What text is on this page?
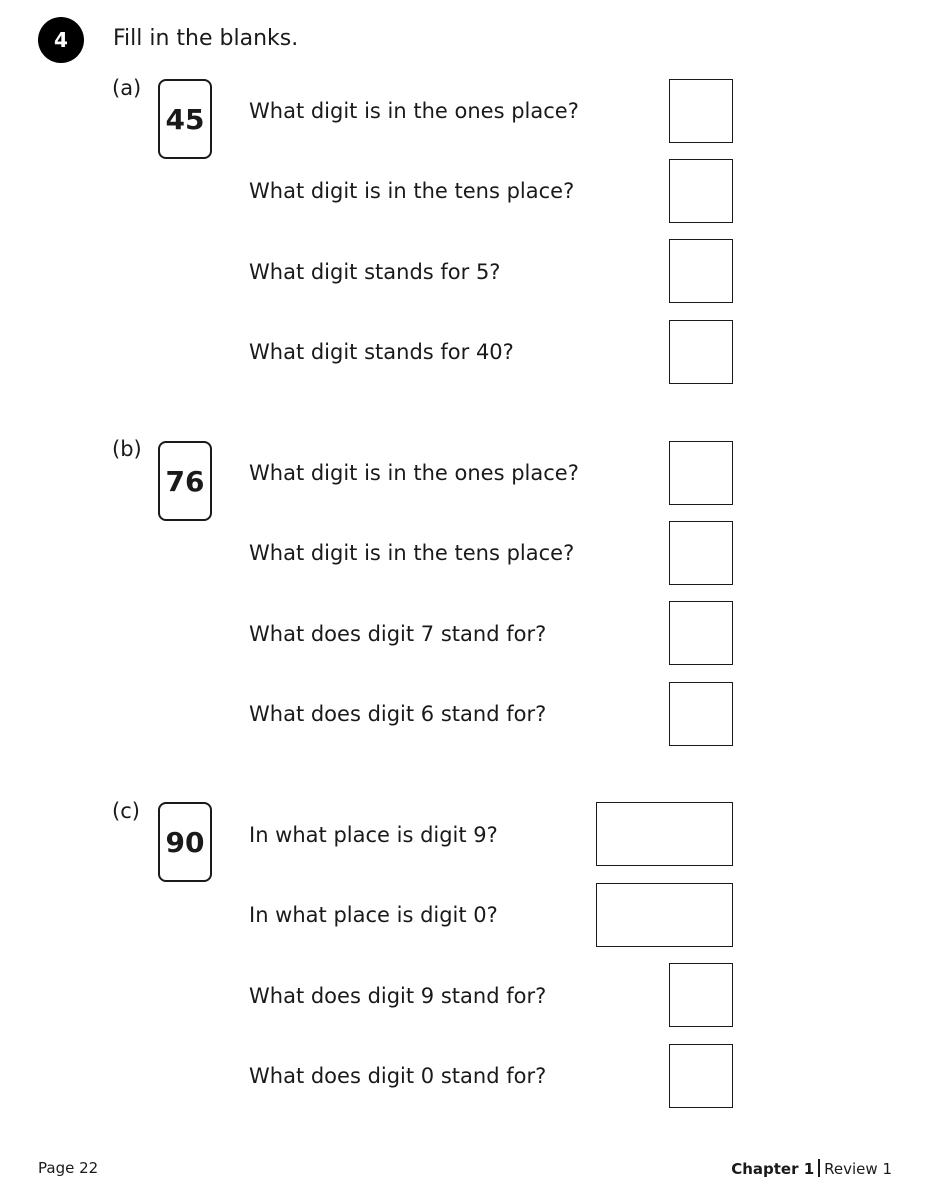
4	Fill in the blanks.
(a)
45	What digit is in the ones place?
What digit is in the tens place?
What digit stands for 5?
What digit stands for 40?
(b)
76	What digit is in the ones place?
What digit is in the tens place?
What does digit 7 stand for?
What does digit 6 stand for?
(c)
90	In what place is digit 9?
In what place is digit 0?
What does digit 9 stand for?
What does digit 0 stand for?
Page 22	Chapter 1 Review 1
